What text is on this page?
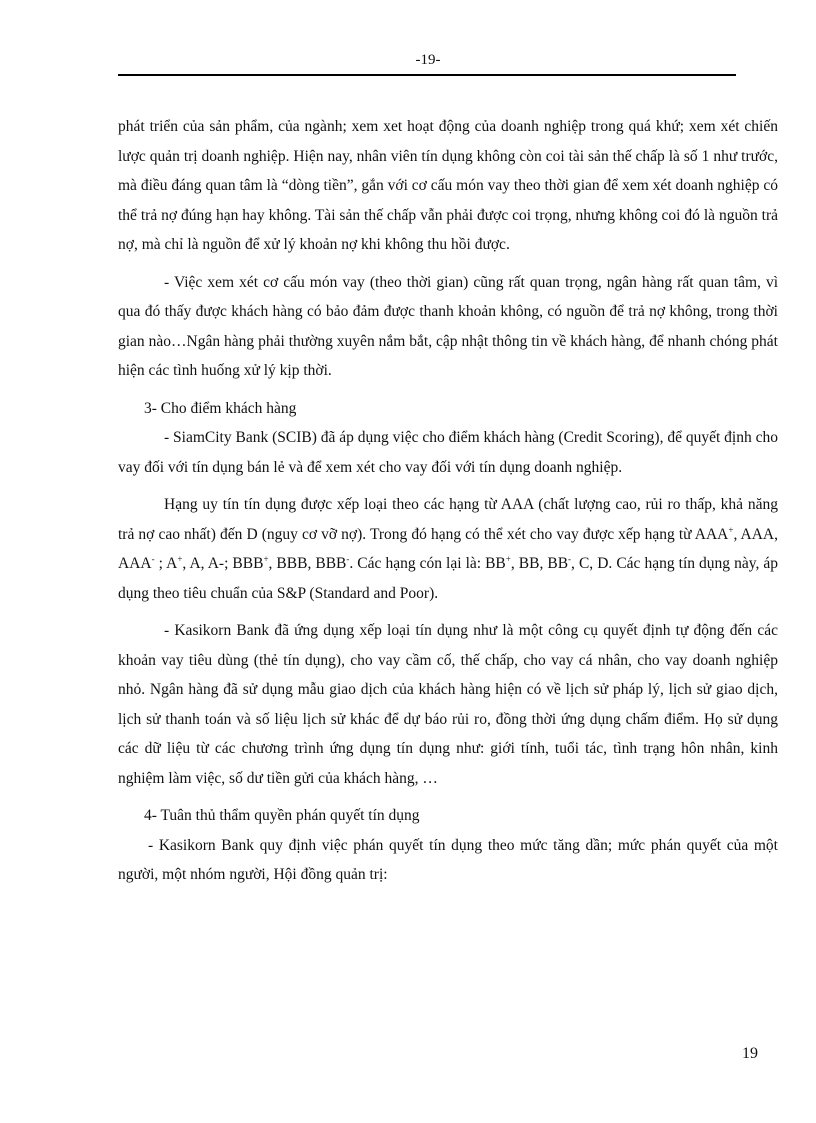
-19-

phát triển của sản phẩm, của ngành; xem xet hoạt động của doanh nghiệp trong quá khứ; xem xét chiến lược quản trị doanh nghiệp. Hiện nay, nhân viên tín dụng không còn coi tài sản thế chấp là số 1 như trước, mà điều đáng quan tâm là “dòng tiền”, gắn với cơ cấu món vay theo thời gian để xem xét doanh nghiệp có thể trả nợ đúng hạn hay không. Tài sản thế chấp vẫn phải được coi trọng, nhưng không coi đó là nguồn trả nợ, mà chỉ là nguồn để xử lý khoản nợ khi không thu hồi được.

- Việc xem xét cơ cấu món vay (theo thời gian) cũng rất quan trọng, ngân hàng rất quan tâm, vì qua đó thấy được khách hàng có bảo đảm được thanh khoản không, có nguồn để trả nợ không, trong thời gian nào…Ngân hàng phải thường xuyên nắm bắt, cập nhật thông tin về khách hàng, để nhanh chóng phát hiện các tình huống xử lý kịp thời.

3- Cho điểm khách hàng

- SiamCity Bank (SCIB) đã áp dụng việc cho điểm khách hàng (Credit Scoring), để quyết định cho vay đối với tín dụng bán lẻ và để xem xét cho vay đối với tín dụng doanh nghiệp.

Hạng uy tín tín dụng được xếp loại theo các hạng từ AAA (chất lượng cao, rủi ro thấp, khả năng trả nợ cao nhất) đến D (nguy cơ vỡ nợ). Trong đó hạng có thể xét cho vay được xếp hạng từ AAA+, AAA, AAA- ; A+, A, A-; BBB+, BBB, BBB-. Các hạng cón lại là: BB+, BB, BB-, C, D. Các hạng tín dụng này, áp dụng theo tiêu chuẩn của S&P (Standard and Poor).

- Kasikorn Bank đã ứng dụng xếp loại tín dụng như là một công cụ quyết định tự động đến các khoản vay tiêu dùng (thẻ tín dụng), cho vay cầm cố, thế chấp, cho vay cá nhân, cho vay doanh nghiệp nhỏ. Ngân hàng đã sử dụng mẫu giao dịch của khách hàng hiện có về lịch sử pháp lý, lịch sử giao dịch, lịch sử thanh toán và số liệu lịch sử khác để dự báo rủi ro, đồng thời ứng dụng chấm điểm. Họ sử dụng các dữ liệu từ các chương trình ứng dụng tín dụng như: giới tính, tuổi tác, tình trạng hôn nhân, kinh nghiệm làm việc, số dư tiền gửi của khách hàng, …

4- Tuân thủ thẩm quyền phán quyết tín dụng

- Kasikorn Bank quy định việc phán quyết tín dụng theo mức tăng dần; mức phán quyết của một người, một nhóm người, Hội đồng quản trị:

19
